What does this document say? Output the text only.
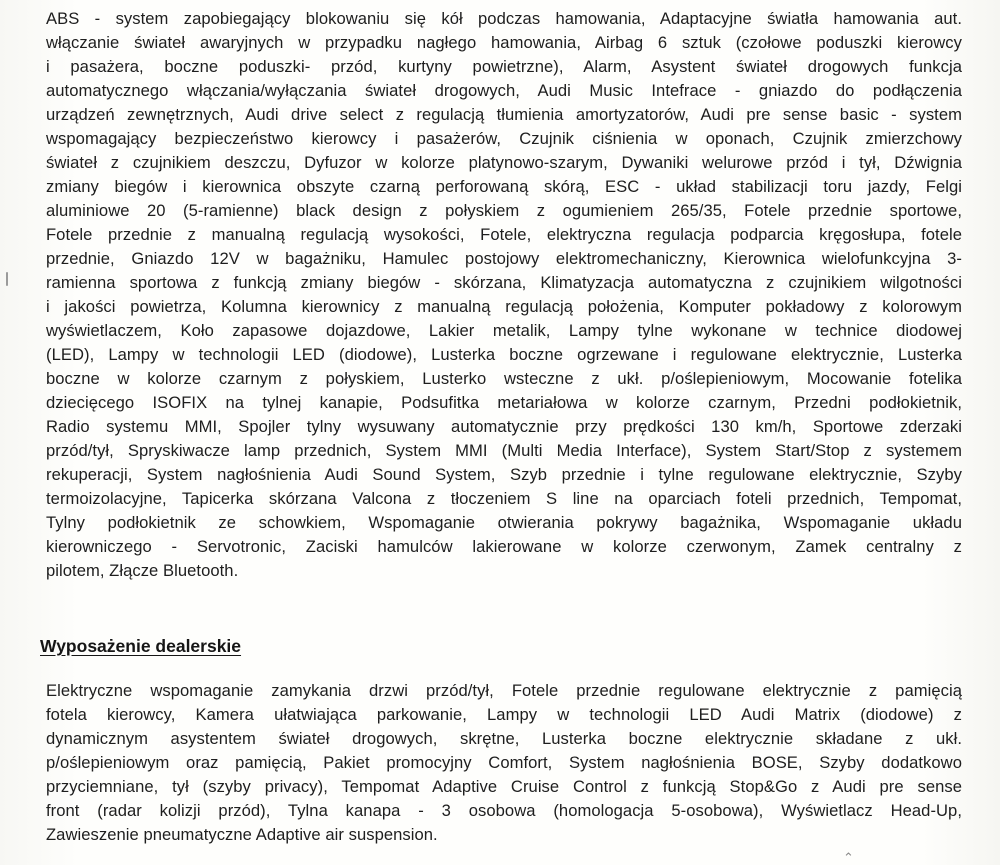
ABS - system zapobiegający blokowaniu się kół podczas hamowania, Adaptacyjne światła hamowania aut.
włączanie świateł awaryjnych w przypadku nagłego hamowania, Airbag 6 sztuk (czołowe poduszki kierowcy
i pasażera, boczne poduszki- przód, kurtyny powietrzne), Alarm, Asystent świateł drogowych funkcja
automatycznego włączania/wyłączania świateł drogowych, Audi Music Intefrace - gniazdo do podłączenia
urządzeń zewnętrznych, Audi drive select z regulacją tłumienia amortyzatorów, Audi pre sense basic - system
wspomagający bezpieczeństwo kierowcy i pasażerów, Czujnik ciśnienia w oponach, Czujnik zmierzchowy
świateł z czujnikiem deszczu, Dyfuzor w kolorze platynowo-szarym, Dywaniki welurowe przód i tył, Dźwignia
zmiany biegów i kierownica obszyte czarną perforowaną skórą, ESC - układ stabilizacji toru jazdy, Felgi
aluminiowe 20 (5-ramienne) black design z połyskiem z ogumieniem 265/35, Fotele przednie sportowe,
Fotele przednie z manualną regulacją wysokości, Fotele, elektryczna regulacja podparcia kręgosłupa, fotele
przednie, Gniazdo 12V w bagażniku, Hamulec postojowy elektromechaniczny, Kierownica wielofunkcyjna 3-
ramienna sportowa z funkcją zmiany biegów - skórzana, Klimatyzacja automatyczna z czujnikiem wilgotności
i jakości powietrza, Kolumna kierownicy z manualną regulacją położenia, Komputer pokładowy z kolorowym
wyświetlaczem, Koło zapasowe dojazdowe, Lakier metalik, Lampy tylne wykonane w technice diodowej
(LED), Lampy w technologii LED (diodowe), Lusterka boczne ogrzewane i regulowane elektrycznie, Lusterka
boczne w kolorze czarnym z połyskiem, Lusterko wsteczne z ukł. p/oślepieniowym, Mocowanie fotelika
dziecięcego ISOFIX na tylnej kanapie, Podsufitka metariałowa w kolorze czarnym, Przedni podłokietnik,
Radio systemu MMI, Spojler tylny wysuwany automatycznie przy prędkości 130 km/h, Sportowe zderzaki
przód/tył, Spryskiwacze lamp przednich, System MMI (Multi Media Interface), System Start/Stop z systemem
rekuperacji, System nagłośnienia Audi Sound System, Szyb przednie i tylne regulowane elektrycznie, Szyby
termoizolacyjne, Tapicerka skórzana Valcona z tłoczeniem S line na oparciach foteli przednich, Tempomat,
Tylny podłokietnik ze schowkiem, Wspomaganie otwierania pokrywy bagażnika, Wspomaganie układu
kierowniczego - Servotronic, Zaciski hamulców lakierowane w kolorze czerwonym, Zamek centralny z
pilotem, Złącze Bluetooth.
Wyposażenie dealerskie
Elektryczne wspomaganie zamykania drzwi przód/tył, Fotele przednie regulowane elektrycznie z pamięcią
fotela kierowcy, Kamera ułatwiająca parkowanie, Lampy w technologii LED Audi Matrix (diodowe) z
dynamicznym asystentem świateł drogowych, skrętne, Lusterka boczne elektrycznie składane z ukł.
p/oślepieniowym oraz pamięcią, Pakiet promocyjny Comfort, System nagłośnienia BOSE, Szyby dodatkowo
przyciemniane, tył (szyby privacy), Tempomat Adaptive Cruise Control z funkcją Stop&Go z Audi pre sense
front (radar kolizji przód), Tylna kanapa - 3 osobowa (homologacja 5-osobowa), Wyświetlacz Head-Up,
Zawieszenie pneumatyczne Adaptive air suspension.
⌃
